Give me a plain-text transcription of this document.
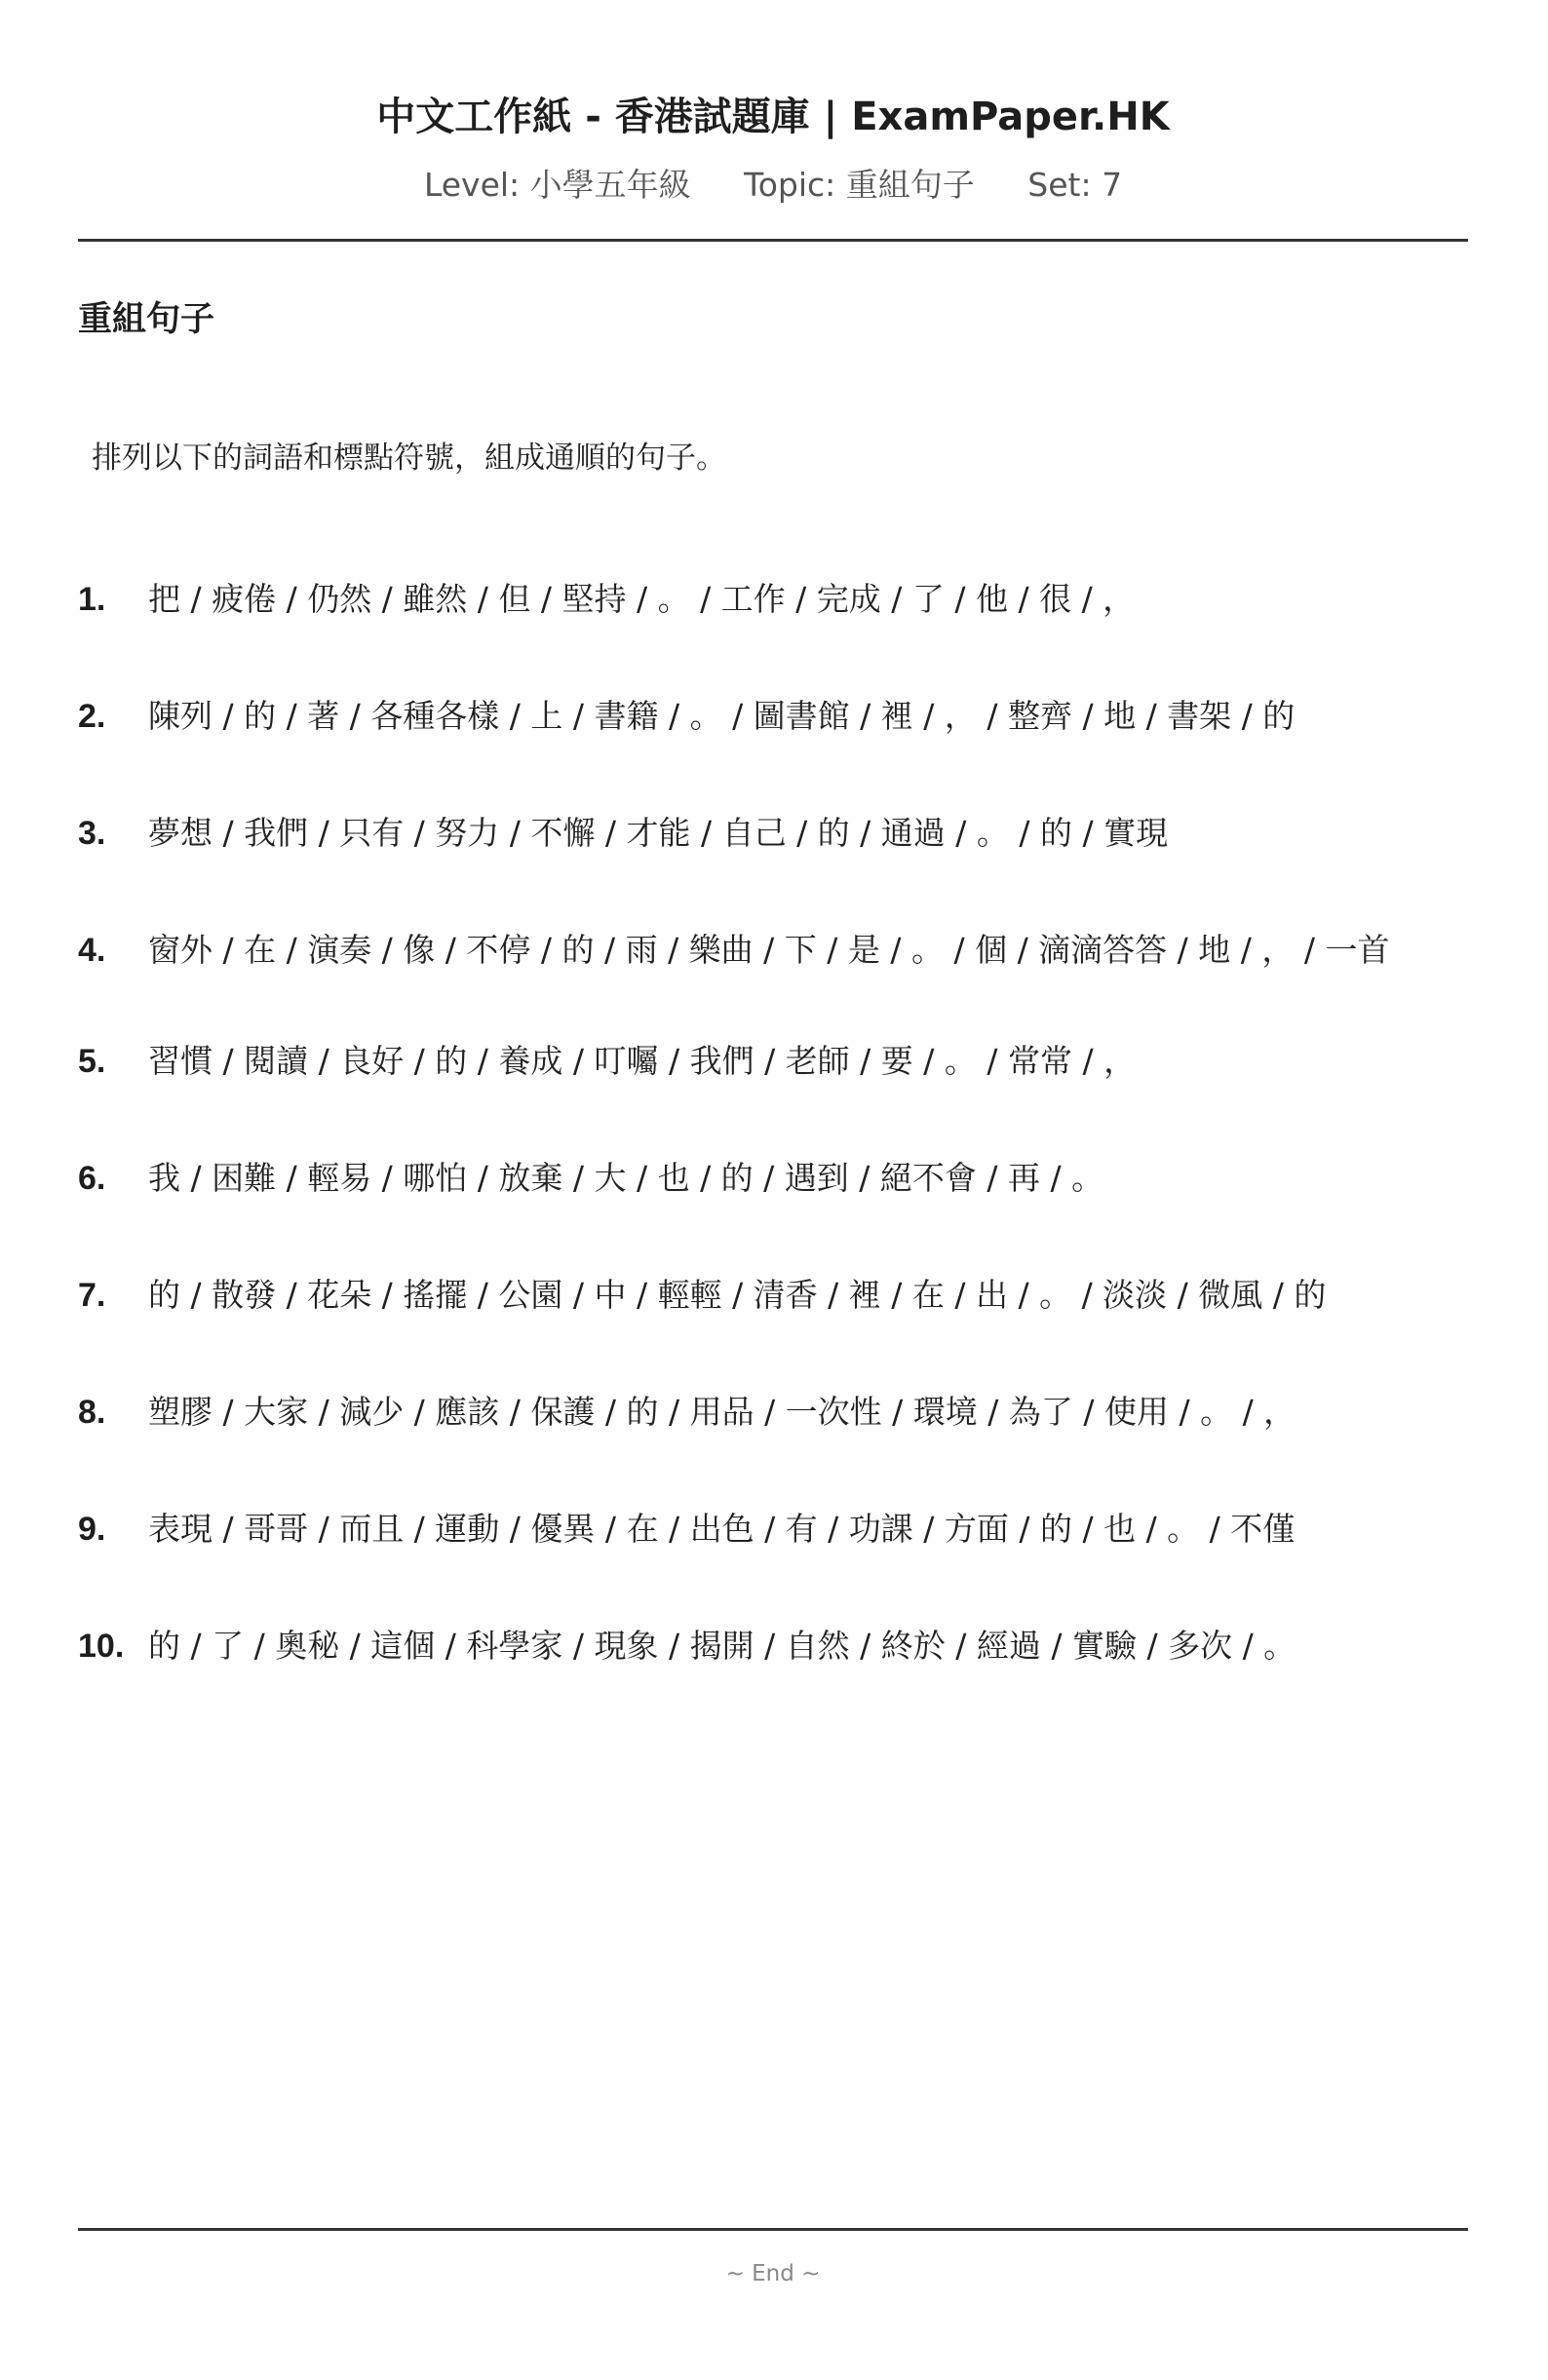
中文工作紙 - 香港試題庫 | ExamPaper.HK
Level: 小學五年級 Topic: 重組句子 Set: 7
重組句子
排列以下的詞語和標點符號，組成通順的句子。
1. 把 / 疲倦 / 仍然 / 雖然 / 但 / 堅持 / 。 / 工作 / 完成 / 了 / 他 / 很 / ，
2. 陳列 / 的 / 著 / 各種各樣 / 上 / 書籍 / 。 / 圖書館 / 裡 / ， / 整齊 / 地 / 書架 / 的
3. 夢想 / 我們 / 只有 / 努力 / 不懈 / 才能 / 自己 / 的 / 通過 / 。 / 的 / 實現
4. 窗外 / 在 / 演奏 / 像 / 不停 / 的 / 雨 / 樂曲 / 下 / 是 / 。 / 個 / 滴滴答答 / 地 / ， / 一首
5. 習慣 / 閱讀 / 良好 / 的 / 養成 / 叮囑 / 我們 / 老師 / 要 / 。 / 常常 / ，
6. 我 / 困難 / 輕易 / 哪怕 / 放棄 / 大 / 也 / 的 / 遇到 / 絕不會 / 再 / 。
7. 的 / 散發 / 花朵 / 搖擺 / 公園 / 中 / 輕輕 / 清香 / 裡 / 在 / 出 / 。 / 淡淡 / 微風 / 的
8. 塑膠 / 大家 / 減少 / 應該 / 保護 / 的 / 用品 / 一次性 / 環境 / 為了 / 使用 / 。 / ，
9. 表現 / 哥哥 / 而且 / 運動 / 優異 / 在 / 出色 / 有 / 功課 / 方面 / 的 / 也 / 。 / 不僅
10. 的 / 了 / 奧秘 / 這個 / 科學家 / 現象 / 揭開 / 自然 / 終於 / 經過 / 實驗 / 多次 / 。
~ End ~
